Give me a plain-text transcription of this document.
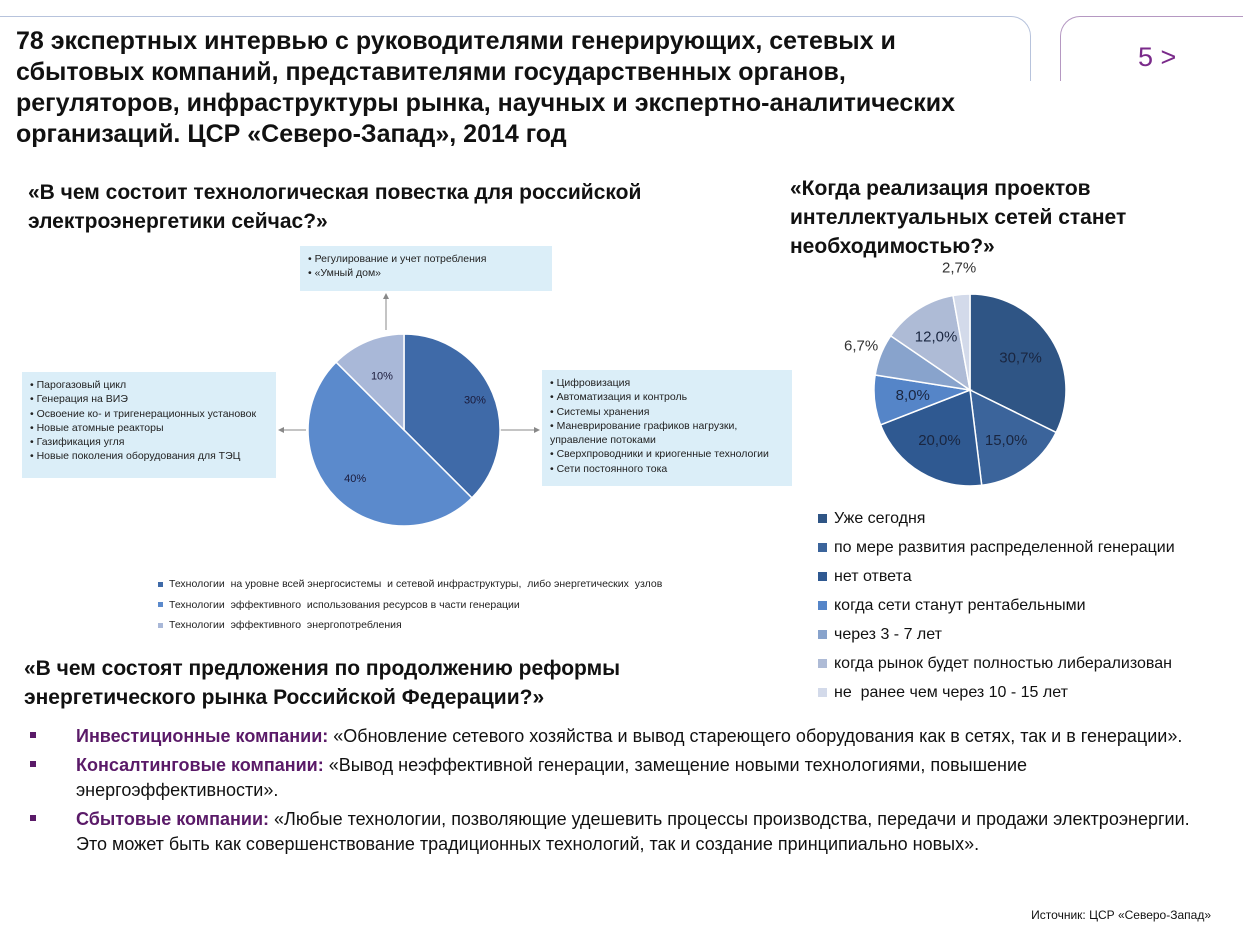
78 экспертных интервью с руководителями генерирующих, сетевых и сбытовых компаний, представителями государственных органов, регуляторов, инфраструктуры рынка, научных и экспертно-аналитических организаций. ЦСР «Северо-Запад», 2014 год
5 >
«В чем состоит технологическая повестка для российской электроэнергетики сейчас?»
«Когда реализация проектов интеллектуальных сетей станет необходимостью?»
«В чем состоят предложения по продолжению реформы энергетического рынка Российской Федерации?»
• Регулирование и учет потребления
• «Умный дом»
• Парогазовый цикл
• Генерация на ВИЭ
• Освоение ко- и тригенерационных установок
• Новые атомные реакторы
• Газификация угля
• Новые поколения оборудования для ТЭЦ
• Цифровизация
• Автоматизация и контроль
• Системы хранения
• Маневрирование графиков нагрузки, управление потоками
• Сверхпроводники и криогенные технологии
• Сети постоянного тока
30%
40%
10%
Технологии  на уровне всей энергосистемы  и сетевой инфраструктуры,  либо энергетических  узлов
Технологии  эффективного  использования ресурсов в части генерации
Технологии  эффективного  энергопотребления
30,7%
15,0%
20,0%
8,0%
6,7%
12,0%
2,7%
Уже сегодня
по мере развития распределенной генерации
нет ответа
когда сети станут рентабельными
через 3 - 7 лет
когда рынок будет полностью либерализован
не  ранее чем через 10 - 15 лет
Инвестиционные компании: «Обновление сетевого хозяйства и вывод стареющего оборудования как в сетях, так и в генерации».
Консалтинговые компании: «Вывод неэффективной генерации, замещение новыми технологиями, повышение энергоэффективности».
Сбытовые компании: «Любые технологии, позволяющие удешевить процессы производства, передачи и продажи электроэнергии. Это может быть как совершенствование традиционных технологий, так и создание принципиально новых».
Источник: ЦСР «Северо-Запад»
